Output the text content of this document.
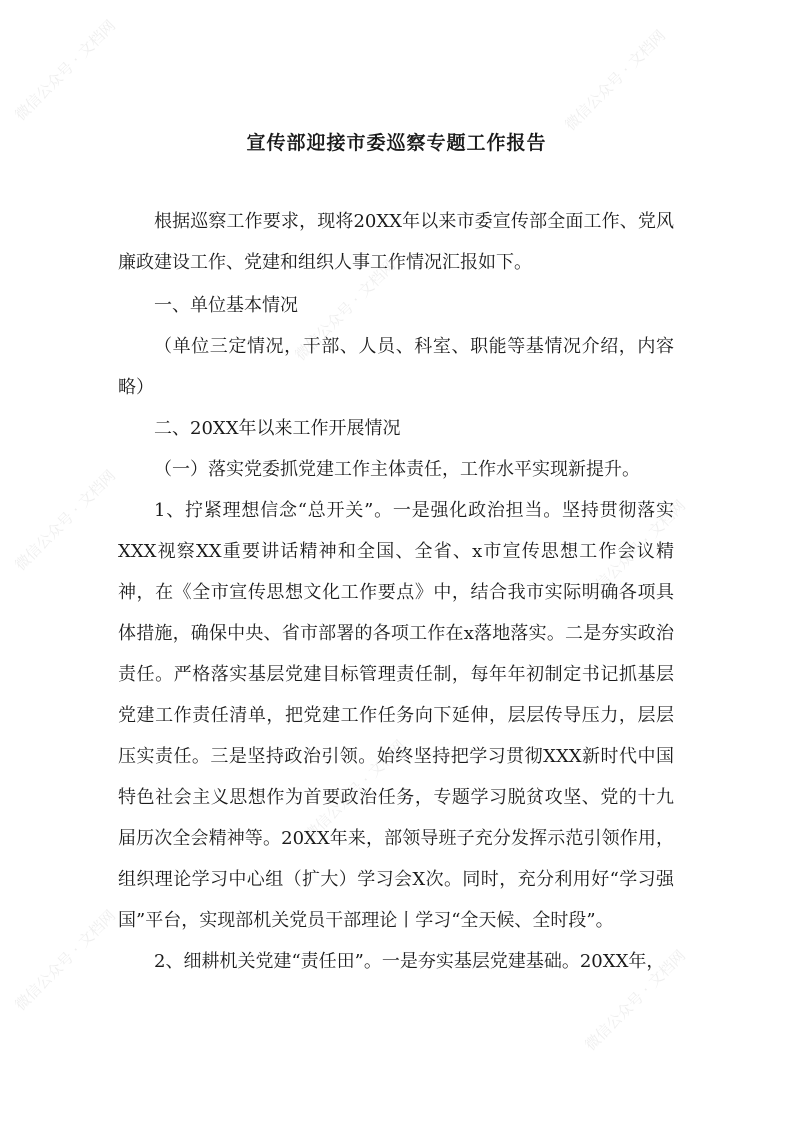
宣传部迎接市委巡察专题工作报告

根据巡察工作要求，现将20XX年以来市委宣传部全面工作、党风廉政建设工作、党建和组织人事工作情况汇报如下。

一、单位基本情况

（单位三定情况，干部、人员、科室、职能等基情况介绍，内容略）

二、20XX年以来工作开展情况

（一）落实党委抓党建工作主体责任，工作水平实现新提升。

1、拧紧理想信念“总开关”。一是强化政治担当。坚持贯彻落实XXX视察XX重要讲话精神和全国、全省、x市宣传思想工作会议精神，在《全市宣传思想文化工作要点》中，结合我市实际明确各项具体措施，确保中央、省市部署的各项工作在x落地落实。二是夯实政治责任。严格落实基层党建目标管理责任制，每年年初制定书记抓基层党建工作责任清单，把党建工作任务向下延伸，层层传导压力，层层压实责任。三是坚持政治引领。始终坚持把学习贯彻XXX新时代中国特色社会主义思想作为首要政治任务，专题学习脱贫攻坚、党的十九届历次全会精神等。20XX年来，部领导班子充分发挥示范引领作用，组织理论学习中心组（扩大）学习会X次。同时，充分利用好“学习强国”平台，实现部机关党员干部理论丨学习“全天候、全时段”。

2、细耕机关党建“责任田”。一是夯实基层党建基础。20XX年，

微信公众号 · 文档网	微信公众号 · 文档网
微信公众号 · 文档网	微信公众号 · 文档网
微信公众号 · 文档网
微信公众号 · 文档网
微信公众号 · 文档网	微信公众号 · 文档网
